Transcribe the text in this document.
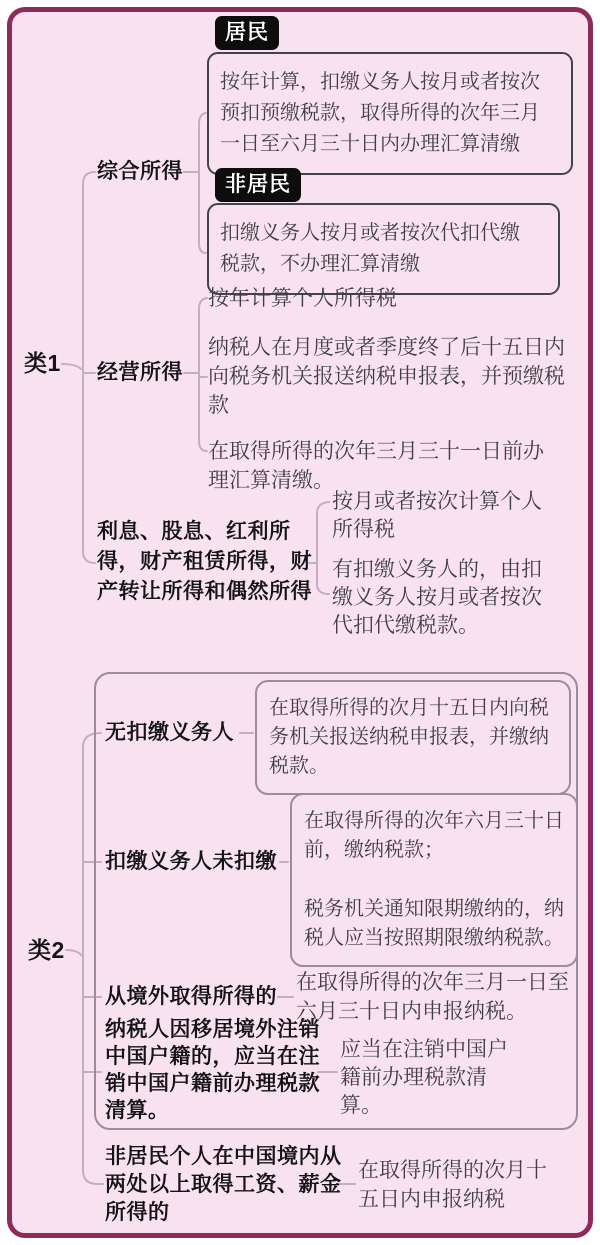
类1
综合所得
居民
按年计算，扣缴义务人按月或者按次
预扣预缴税款，取得所得的次年三月
一日至六月三十日内办理汇算清缴
非居民
扣缴义务人按月或者按次代扣代缴
税款，不办理汇算清缴
经营所得
按年计算个人所得税
纳税人在月度或者季度终了后十五日内
向税务机关报送纳税申报表，并预缴税
款
在取得所得的次年三月三十一日前办
理汇算清缴。
利息、股息、红利所
得，财产租赁所得，财
产转让所得和偶然所得
按月或者按次计算个人
所得税
有扣缴义务人的，由扣
缴义务人按月或者按次
代扣代缴税款。
类2
无扣缴义务人
在取得所得的次月十五日内向税
务机关报送纳税申报表，并缴纳
税款。
扣缴义务人未扣缴
在取得所得的次年六月三十日
前，缴纳税款；
税务机关通知限期缴纳的，纳
税人应当按照期限缴纳税款。
从境外取得所得的
在取得所得的次年三月一日至
六月三十日内申报纳税。
纳税人因移居境外注销
中国户籍的，应当在注
销中国户籍前办理税款
清算。
应当在注销中国户
籍前办理税款清
算。
非居民个人在中国境内从
两处以上取得工资、薪金
所得的
在取得所得的次月十
五日内申报纳税
